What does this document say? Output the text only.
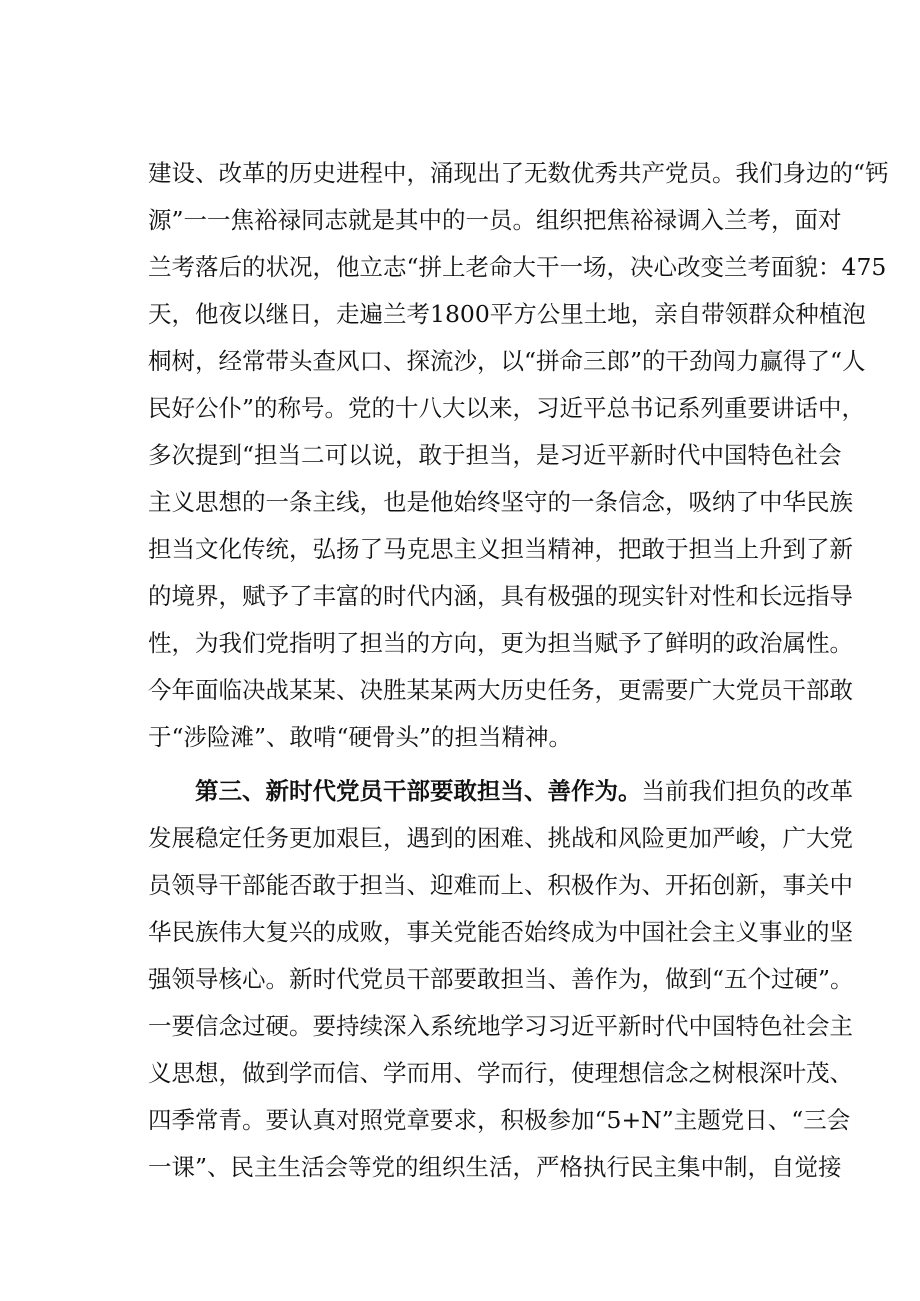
建设、改革的历史进程中，涌现出了无数优秀共产党员。我们身边的“钙
源”一一焦裕禄同志就是其中的一员。组织把焦裕禄调入兰考，面对
兰考落后的状况，他立志“拼上老命大干一场，决心改变兰考面貌：475
天，他夜以继日，走遍兰考1800平方公里土地，亲自带领群众种植泡
桐树，经常带头查风口、探流沙，以“拼命三郎”的干劲闯力赢得了“人
民好公仆”的称号。党的十八大以来，习近平总书记系列重要讲话中，
多次提到“担当二可以说，敢于担当，是习近平新时代中国特色社会
主义思想的一条主线，也是他始终坚守的一条信念，吸纳了中华民族
担当文化传统，弘扬了马克思主义担当精神，把敢于担当上升到了新
的境界，赋予了丰富的时代内涵，具有极强的现实针对性和长远指导
性，为我们党指明了担当的方向，更为担当赋予了鲜明的政治属性。
今年面临决战某某、决胜某某两大历史任务，更需要广大党员干部敢
于“涉险滩”、敢啃“硬骨头”的担当精神。
第三、新时代党员干部要敢担当、善作为。当前我们担负的改革
发展稳定任务更加艰巨，遇到的困难、挑战和风险更加严峻，广大党
员领导干部能否敢于担当、迎难而上、积极作为、开拓创新，事关中
华民族伟大复兴的成败，事关党能否始终成为中国社会主义事业的坚
强领导核心。新时代党员干部要敢担当、善作为，做到“五个过硬”。
一要信念过硬。要持续深入系统地学习习近平新时代中国特色社会主
义思想，做到学而信、学而用、学而行，使理想信念之树根深叶茂、
四季常青。要认真对照党章要求，积极参加“5+N”主题党日、“三会
一课”、民主生活会等党的组织生活，严格执行民主集中制，自觉接
